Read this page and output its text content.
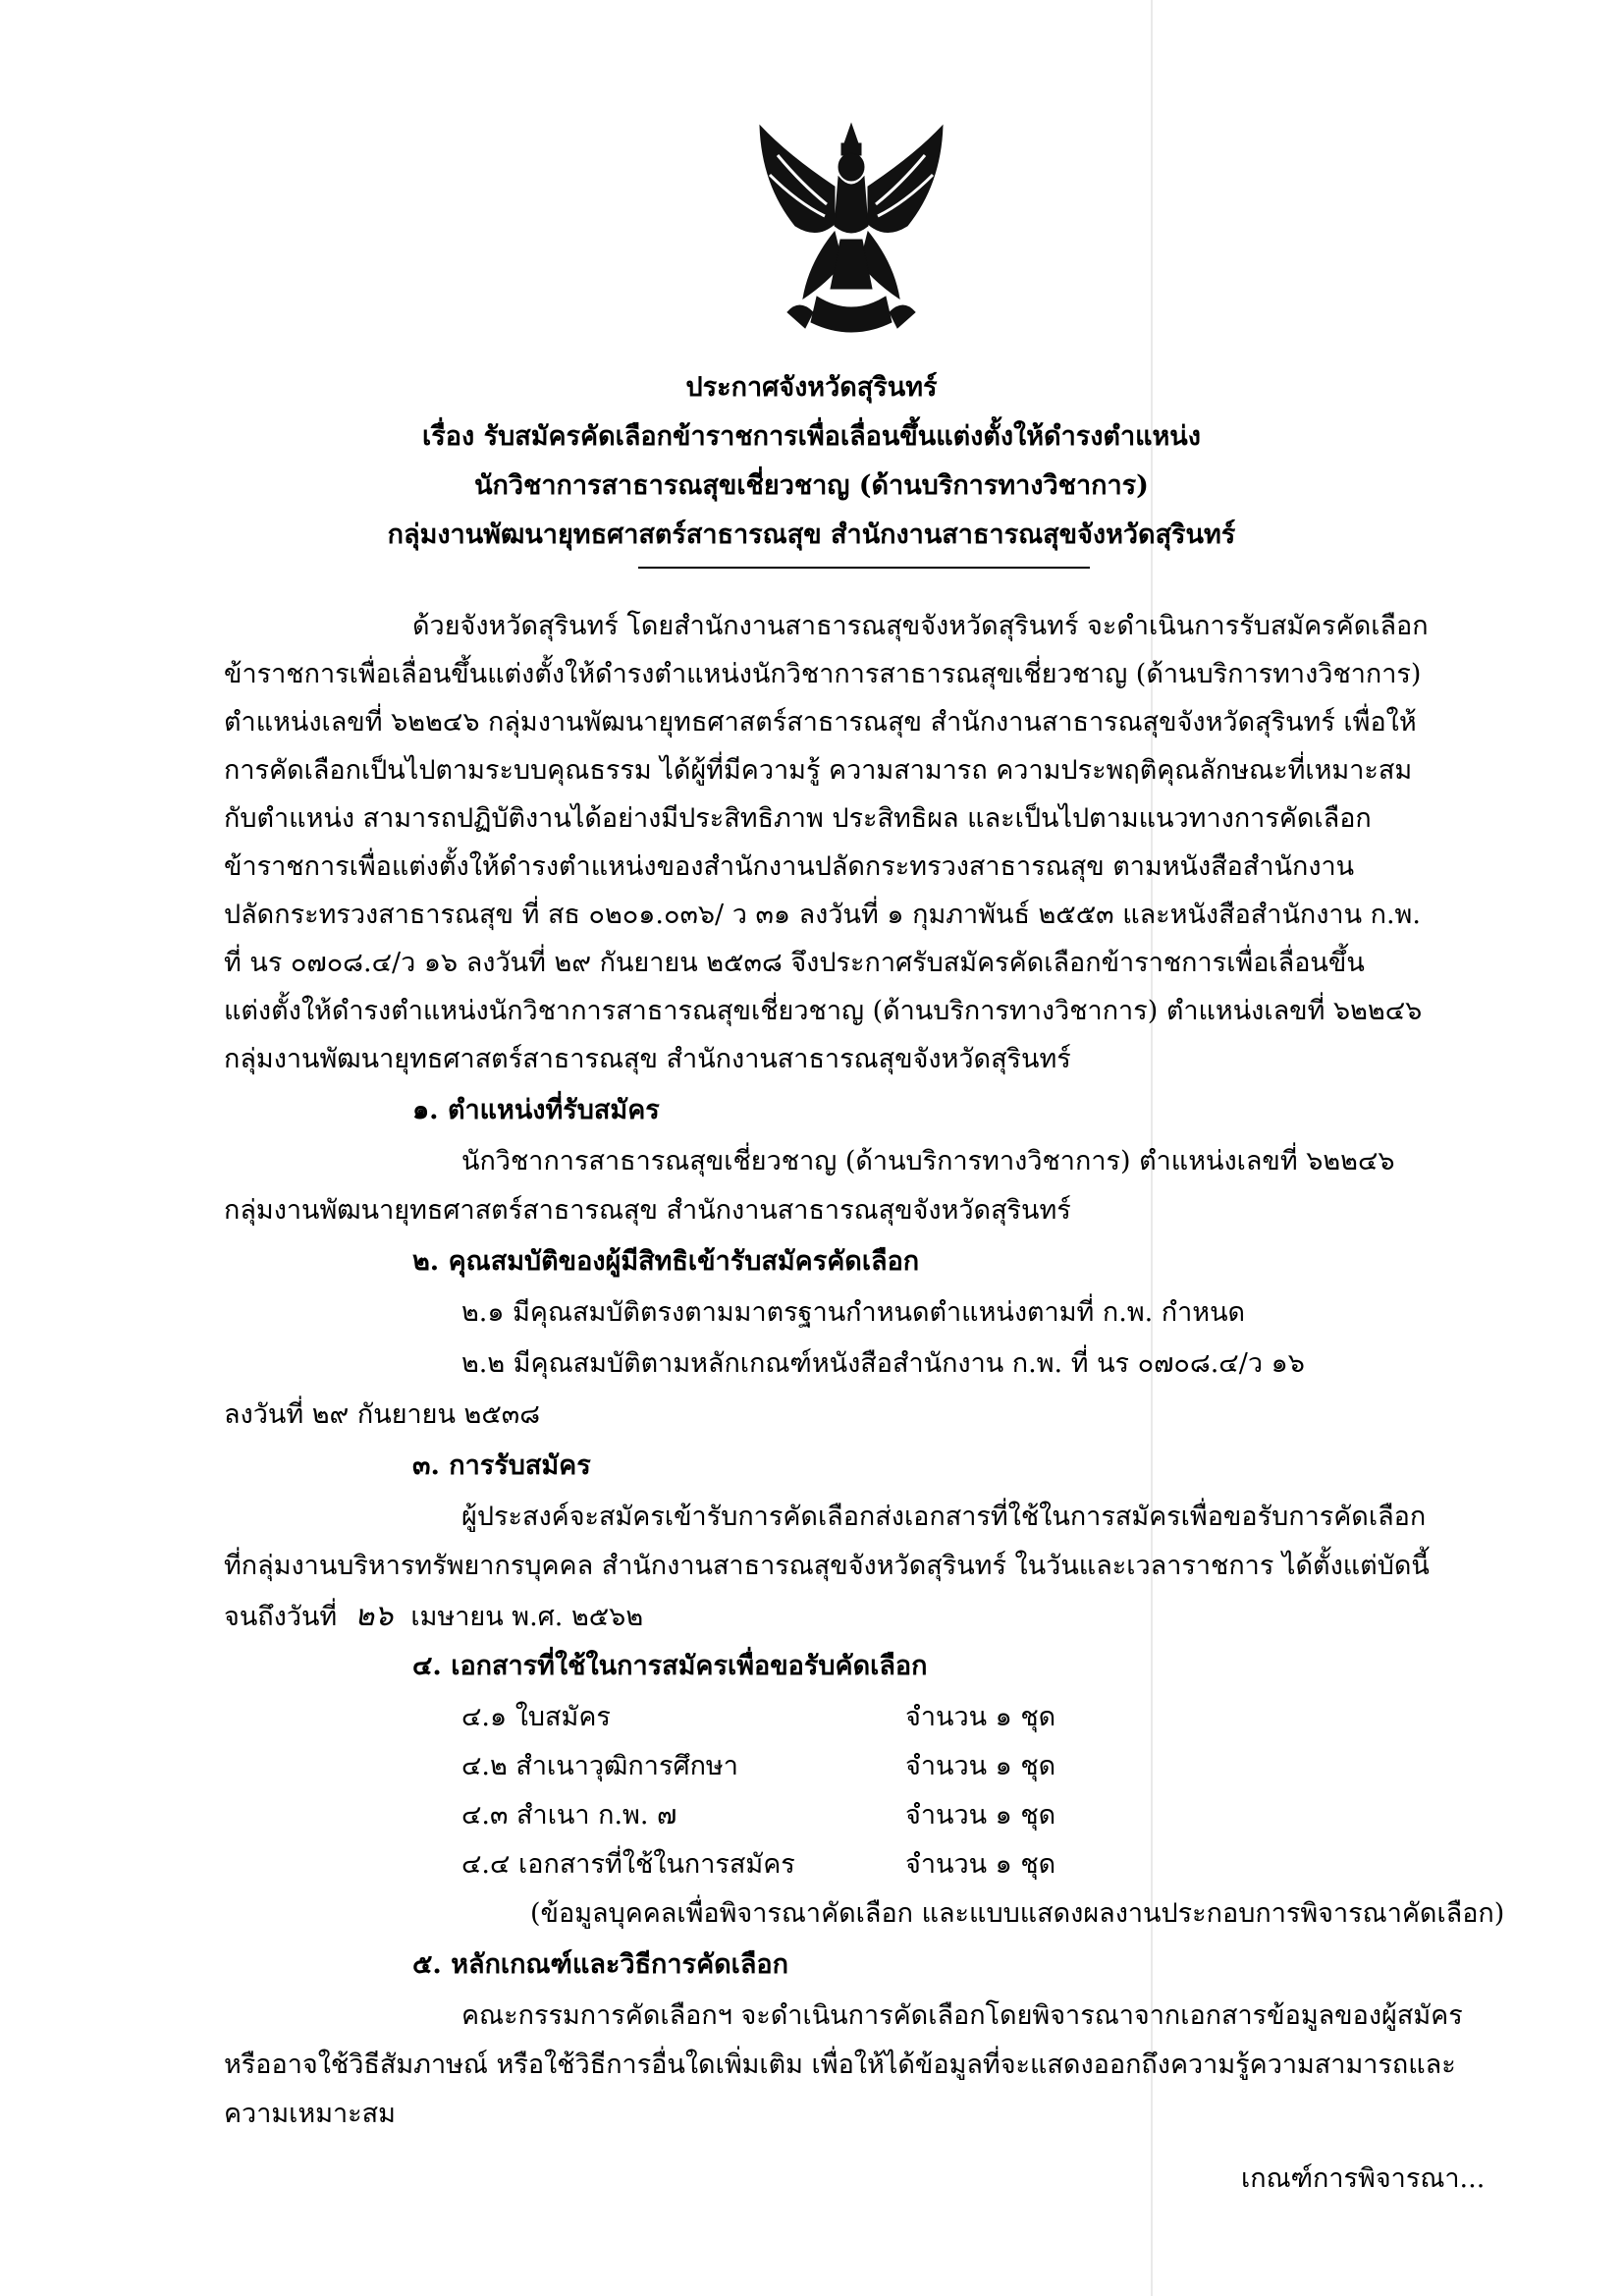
ประกาศจังหวัดสุรินทร์
เรื่อง รับสมัครคัดเลือกข้าราชการเพื่อเลื่อนขึ้นแต่งตั้งให้ดำรงตำแหน่ง
นักวิชาการสาธารณสุขเชี่ยวชาญ (ด้านบริการทางวิชาการ)
กลุ่มงานพัฒนายุทธศาสตร์สาธารณสุข สำนักงานสาธารณสุขจังหวัดสุรินทร์
ด้วยจังหวัดสุรินทร์ โดยสำนักงานสาธารณสุขจังหวัดสุรินทร์ จะดำเนินการรับสมัครคัดเลือก
ข้าราชการเพื่อเลื่อนขึ้นแต่งตั้งให้ดำรงตำแหน่งนักวิชาการสาธารณสุขเชี่ยวชาญ (ด้านบริการทางวิชาการ)
ตำแหน่งเลขที่ ๖๒๒๔๖ กลุ่มงานพัฒนายุทธศาสตร์สาธารณสุข สำนักงานสาธารณสุขจังหวัดสุรินทร์ เพื่อให้
การคัดเลือกเป็นไปตามระบบคุณธรรม ได้ผู้ที่มีความรู้ ความสามารถ ความประพฤติคุณลักษณะที่เหมาะสม
กับตำแหน่ง สามารถปฏิบัติงานได้อย่างมีประสิทธิภาพ ประสิทธิผล และเป็นไปตามแนวทางการคัดเลือก
ข้าราชการเพื่อแต่งตั้งให้ดำรงตำแหน่งของสำนักงานปลัดกระทรวงสาธารณสุข ตามหนังสือสำนักงาน
ปลัดกระทรวงสาธารณสุข ที่ สธ ๐๒๐๑.๐๓๖/ ว ๓๑ ลงวันที่ ๑ กุมภาพันธ์ ๒๕๕๓ และหนังสือสำนักงาน ก.พ.
ที่ นร ๐๗๐๘.๔/ว ๑๖ ลงวันที่ ๒๙ กันยายน ๒๕๓๘ จึงประกาศรับสมัครคัดเลือกข้าราชการเพื่อเลื่อนขึ้น
แต่งตั้งให้ดำรงตำแหน่งนักวิชาการสาธารณสุขเชี่ยวชาญ (ด้านบริการทางวิชาการ) ตำแหน่งเลขที่ ๖๒๒๔๖
กลุ่มงานพัฒนายุทธศาสตร์สาธารณสุข สำนักงานสาธารณสุขจังหวัดสุรินทร์
๑. ตำแหน่งที่รับสมัคร
นักวิชาการสาธารณสุขเชี่ยวชาญ (ด้านบริการทางวิชาการ) ตำแหน่งเลขที่ ๖๒๒๔๖
กลุ่มงานพัฒนายุทธศาสตร์สาธารณสุข สำนักงานสาธารณสุขจังหวัดสุรินทร์
๒. คุณสมบัติของผู้มีสิทธิเข้ารับสมัครคัดเลือก
๒.๑ มีคุณสมบัติตรงตามมาตรฐานกำหนดตำแหน่งตามที่ ก.พ. กำหนด
๒.๒ มีคุณสมบัติตามหลักเกณฑ์หนังสือสำนักงาน ก.พ. ที่ นร ๐๗๐๘.๔/ว ๑๖
ลงวันที่ ๒๙ กันยายน ๒๕๓๘
๓. การรับสมัคร
ผู้ประสงค์จะสมัครเข้ารับการคัดเลือกส่งเอกสารที่ใช้ในการสมัครเพื่อขอรับการคัดเลือก
ที่กลุ่มงานบริหารทรัพยากรบุคคล สำนักงานสาธารณสุขจังหวัดสุรินทร์ ในวันและเวลาราชการ ได้ตั้งแต่บัดนี้
จนถึงวันที่ ๒๖ เมษายน พ.ศ. ๒๕๖๒
๔. เอกสารที่ใช้ในการสมัครเพื่อขอรับคัดเลือก
๔.๑ ใบสมัคร	จำนวน ๑ ชุด
๔.๒ สำเนาวุฒิการศึกษา	จำนวน ๑ ชุด
๔.๓ สำเนา ก.พ. ๗	จำนวน ๑ ชุด
๔.๔ เอกสารที่ใช้ในการสมัคร	จำนวน ๑ ชุด
(ข้อมูลบุคคลเพื่อพิจารณาคัดเลือก และแบบแสดงผลงานประกอบการพิจารณาคัดเลือก)
๕. หลักเกณฑ์และวิธีการคัดเลือก
คณะกรรมการคัดเลือกฯ จะดำเนินการคัดเลือกโดยพิจารณาจากเอกสารข้อมูลของผู้สมัคร
หรืออาจใช้วิธีสัมภาษณ์ หรือใช้วิธีการอื่นใดเพิ่มเติม เพื่อให้ได้ข้อมูลที่จะแสดงออกถึงความรู้ความสามารถและ
ความเหมาะสม
เกณฑ์การพิจารณา...
